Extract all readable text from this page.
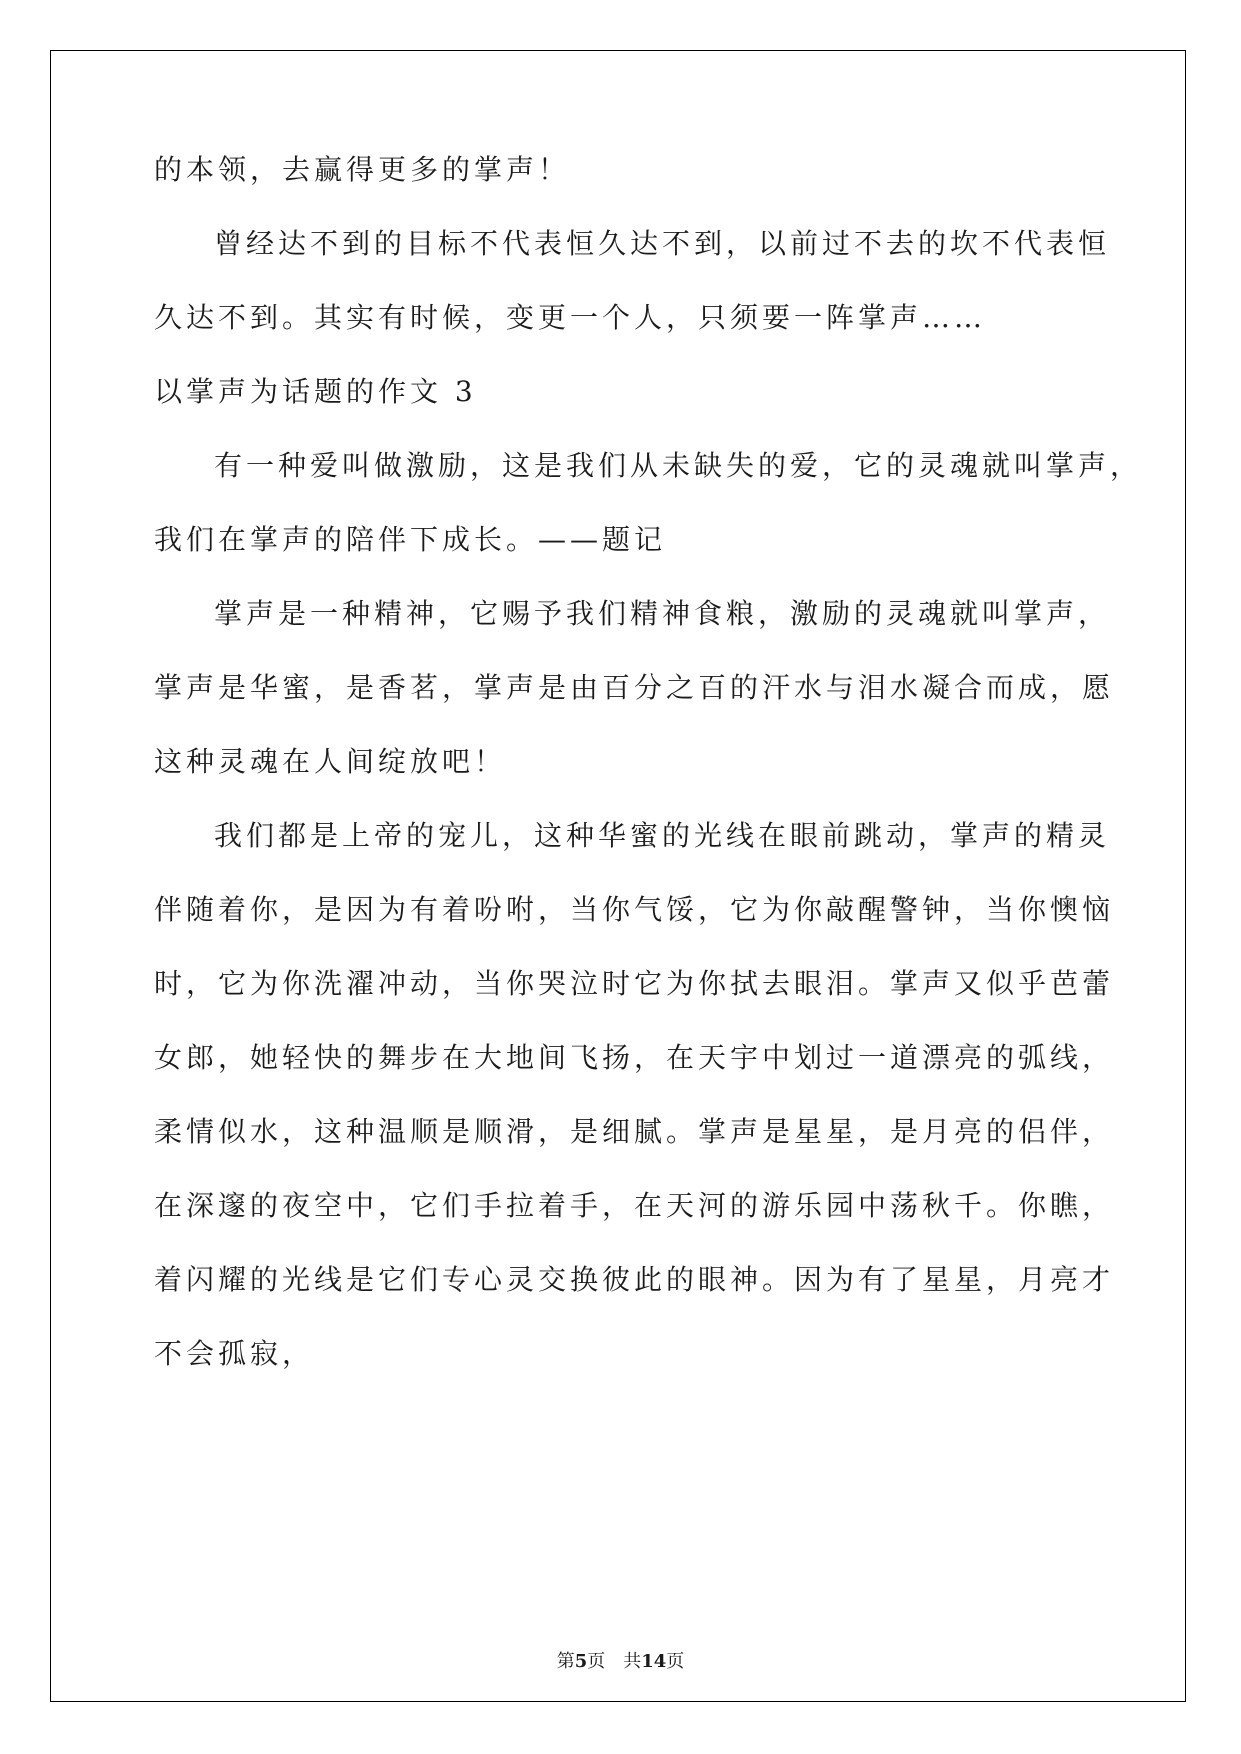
的本领，去赢得更多的掌声！
曾经达不到的目标不代表恒久达不到，以前过不去的坎不代表恒
久达不到。其实有时候，变更一个人，只须要一阵掌声……
以掌声为话题的作文 3
有一种爱叫做激励，这是我们从未缺失的爱，它的灵魂就叫掌声，
我们在掌声的陪伴下成长。——题记
掌声是一种精神，它赐予我们精神食粮，激励的灵魂就叫掌声，
掌声是华蜜，是香茗，掌声是由百分之百的汗水与泪水凝合而成，愿
这种灵魂在人间绽放吧！
我们都是上帝的宠儿，这种华蜜的光线在眼前跳动，掌声的精灵
伴随着你，是因为有着吩咐，当你气馁，它为你敲醒警钟，当你懊恼
时，它为你洗濯冲动，当你哭泣时它为你拭去眼泪。掌声又似乎芭蕾
女郎，她轻快的舞步在大地间飞扬，在天宇中划过一道漂亮的弧线，
柔情似水，这种温顺是顺滑，是细腻。掌声是星星，是月亮的侣伴，
在深邃的夜空中，它们手拉着手，在天河的游乐园中荡秋千。你瞧，
着闪耀的光线是它们专心灵交换彼此的眼神。因为有了星星，月亮才
不会孤寂，
第5页　共14页
